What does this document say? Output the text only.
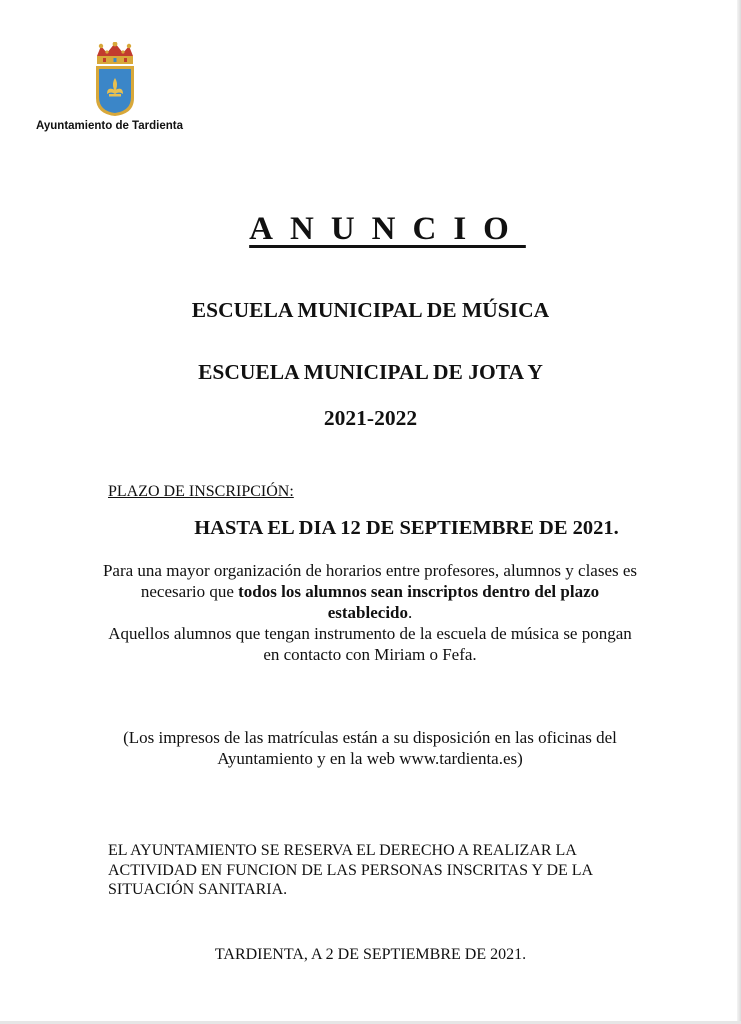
Ayuntamiento de Tardienta
ANUNCIO
ESCUELA MUNICIPAL DE MÚSICA
ESCUELA MUNICIPAL DE JOTA Y
2021-2022
PLAZO DE INSCRIPCIÓN:
HASTA EL DIA 12 DE SEPTIEMBRE DE 2021.
Para una mayor organización de horarios entre profesores, alumnos y clases es necesario que todos los alumnos sean inscriptos dentro del plazo establecido.
Aquellos alumnos que tengan instrumento de la escuela de música se pongan en contacto con Miriam o Fefa.
(Los impresos de las matrículas están a su disposición en las oficinas del Ayuntamiento y en la web www.tardienta.es)
EL AYUNTAMIENTO SE RESERVA EL DERECHO A REALIZAR LA ACTIVIDAD EN FUNCION DE LAS PERSONAS INSCRITAS Y DE LA SITUACIÓN SANITARIA.
TARDIENTA, A 2 DE SEPTIEMBRE DE 2021.
